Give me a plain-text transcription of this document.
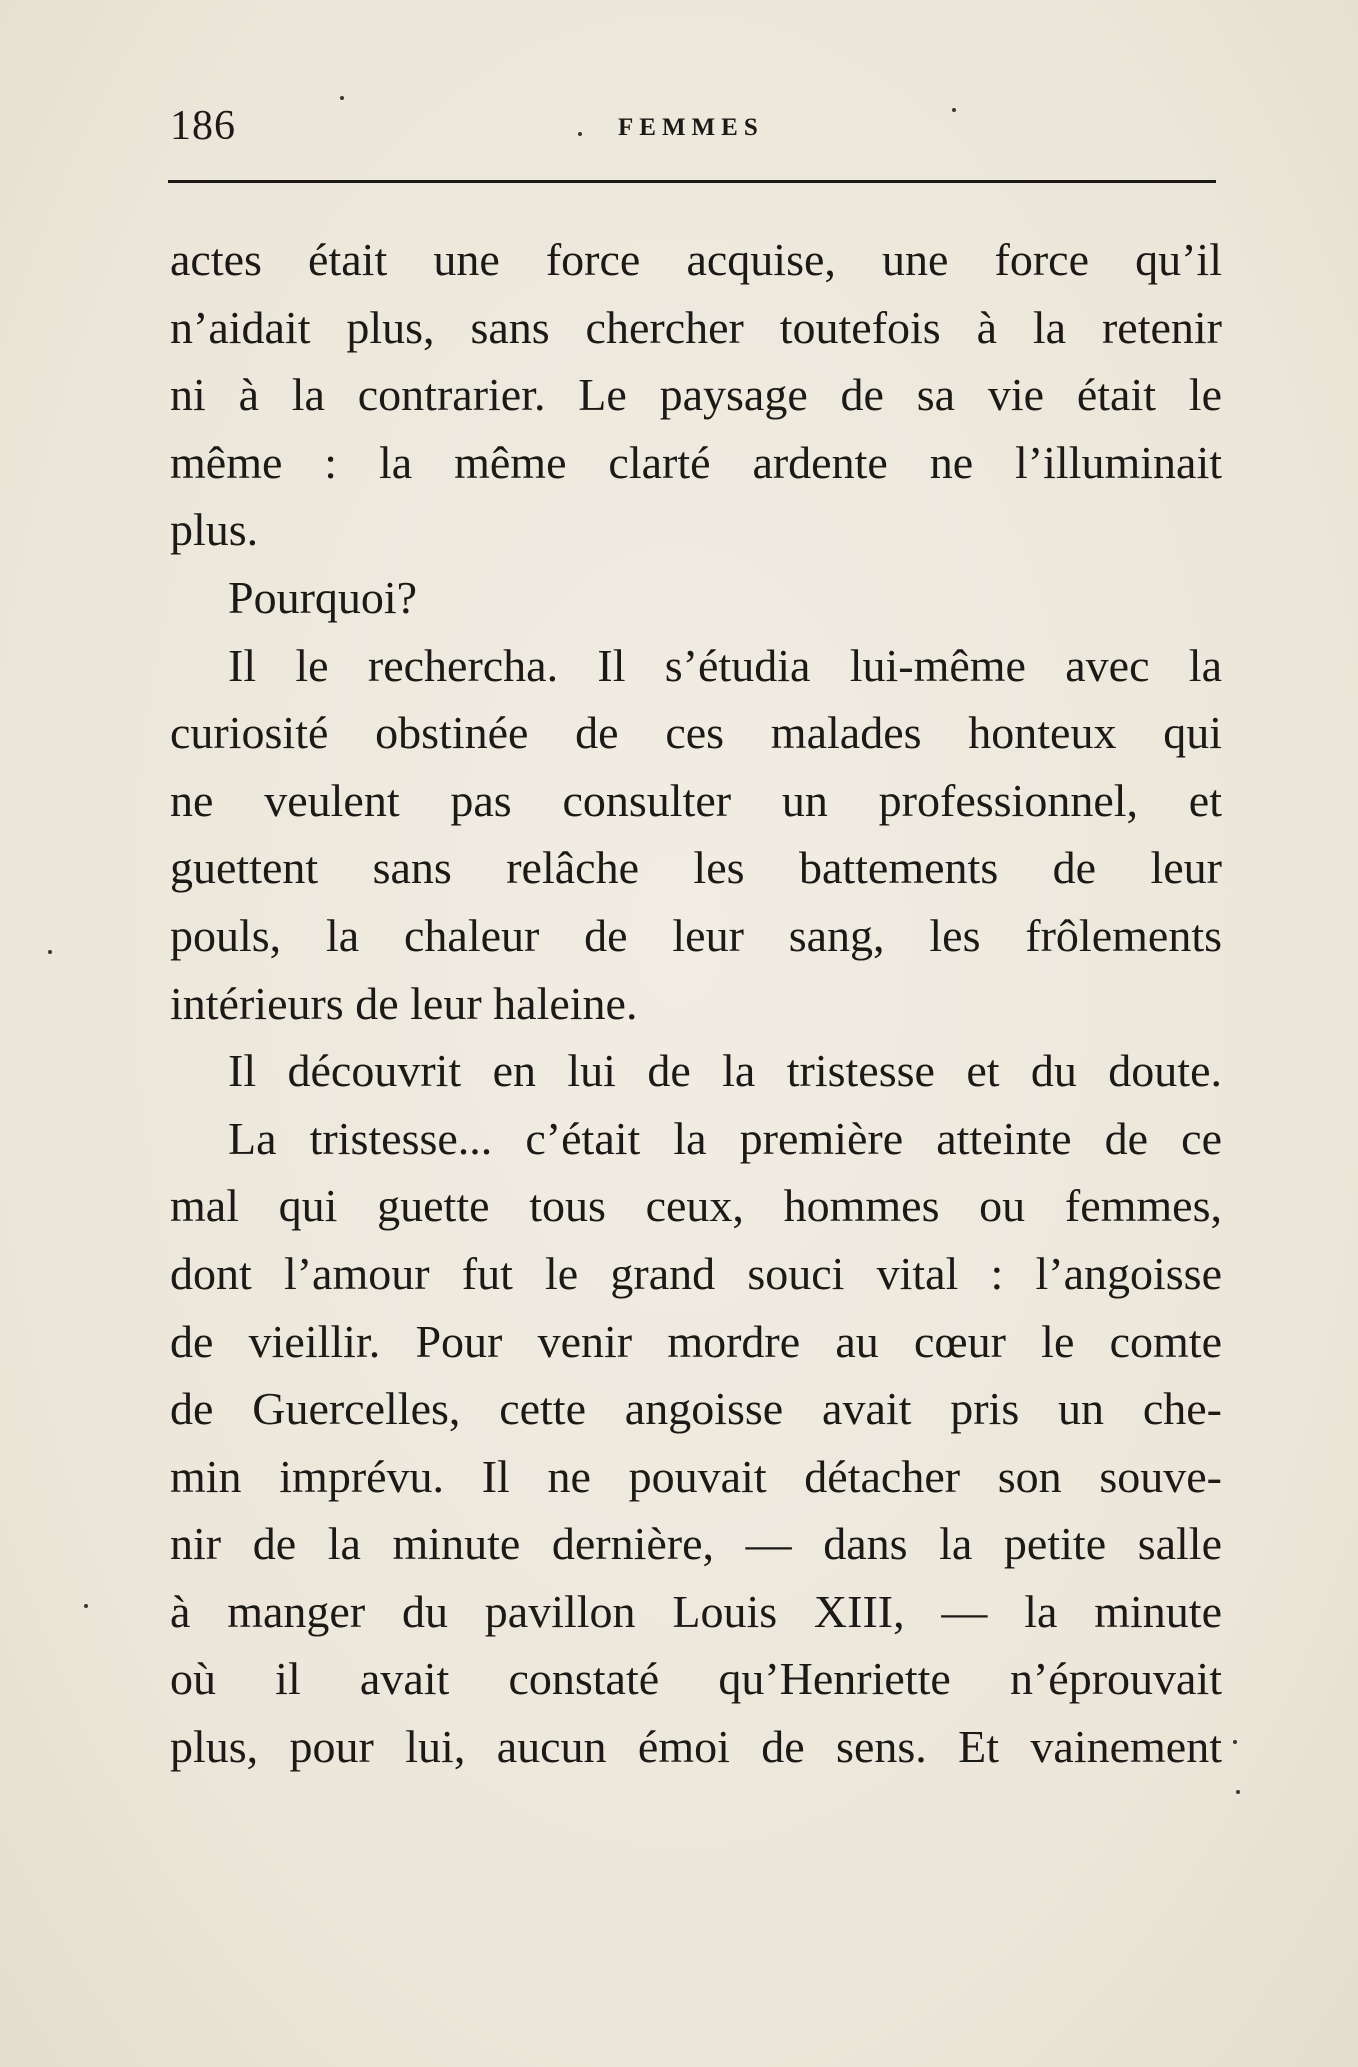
186	FEMMES
actes était une force acquise, une force qu’il
n’aidait plus, sans chercher toutefois à la retenir
ni à la contrarier. Le paysage de sa vie était le
même : la même clarté ardente ne l’illuminait
plus.
Pourquoi?
Il le rechercha. Il s’étudia lui-même avec la
curiosité obstinée de ces malades honteux qui
ne veulent pas consulter un professionnel, et
guettent sans relâche les battements de leur
pouls, la chaleur de leur sang, les frôlements
intérieurs de leur haleine.
Il découvrit en lui de la tristesse et du doute.
La tristesse... c’était la première atteinte de ce
mal qui guette tous ceux, hommes ou femmes,
dont l’amour fut le grand souci vital : l’angoisse
de vieillir. Pour venir mordre au cœur le comte
de Guercelles, cette angoisse avait pris un che-
min imprévu. Il ne pouvait détacher son souve-
nir de la minute dernière, — dans la petite salle
à manger du pavillon Louis XIII, — la minute
où il avait constaté qu’Henriette n’éprouvait
plus, pour lui, aucun émoi de sens. Et vainement
